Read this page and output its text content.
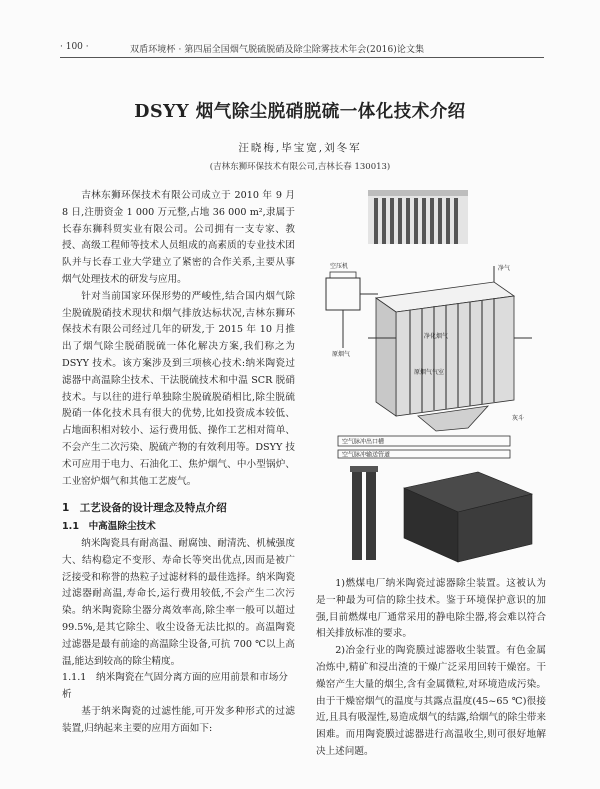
· 100 ·	双盾环境杯 · 第四届全国烟气脱硫脱硝及除尘除雾技术年会(2016)论文集
DSYY 烟气除尘脱硝脱硫一体化技术介绍
汪晓梅,毕宝宽,刘冬军
(吉林东狮环保技术有限公司,吉林长春 130013)

吉林东狮环保技术有限公司成立于 2010 年 9 月 8 日,注册资金 1 000 万元整,占地 36 000 m²,隶属于长春东狮科贸实业有限公司。公司拥有一支专家、教授、高级工程师等技术人员组成的高素质的专业技术团队并与长春工业大学建立了紧密的合作关系,主要从事烟气处理技术的研发与应用。

针对当前国家环保形势的严峻性,结合国内烟气除尘脱硫脱硝技术现状和烟气排放达标状况,吉林东狮环保技术有限公司经过几年的研发,于 2015 年 10 月推出了烟气除尘脱硝脱硫一体化解决方案,我们称之为 DSYY 技术。该方案涉及到三项核心技术:纳米陶瓷过滤器中高温除尘技术、干法脱硫技术和中温 SCR 脱硝技术。与以往的进行单独除尘脱硫脱硝相比,除尘脱硫脱硝一体化技术具有很大的优势,比如投资成本较低、占地面积相对较小、运行费用低、操作工艺相对简单、不会产生二次污染、脱硫产物的有效利用等。DSYY 技术可应用于电力、石油化工、焦炉烟气、中小型锅炉、工业窑炉烟气和其他工艺废气。

1　工艺设备的设计理念及特点介绍
1.1　中高温除尘技术

纳米陶瓷具有耐高温、耐腐蚀、耐清洗、机械强度大、结构稳定不变形、寿命长等突出优点,因而是被广泛接受和称誉的热粒子过滤材料的最佳选择。纳米陶瓷过滤器耐高温,寿命长,运行费用较低,不会产生二次污染。纳米陶瓷除尘器分离效率高,除尘率一般可以超过 99.5%,是其它除尘、收尘设备无法比拟的。高温陶瓷过滤器是最有前途的高温除尘设备,可抗 700 ℃以上高温,能达到较高的除尘精度。

1.1.1　纳米陶瓷在气固分离方面的应用前景和市场分析

基于纳米陶瓷的过滤性能,可开发多种形式的过滤装置,归纳起来主要的应用方面如下:

空压机	净气
原烟气
净化烟气
原烟气气室
灰斗
空气脉冲出口槽
空气脉冲输送管道

1)燃煤电厂纳米陶瓷过滤器除尘装置。这被认为是一种最为可信的除尘技术。鉴于环境保护意识的加强,目前燃煤电厂通常采用的静电除尘器,将会难以符合相关排放标准的要求。

2)冶金行业的陶瓷膜过滤器收尘装置。有色金属冶炼中,精矿和浸出渣的干燥广泛采用回转干燥窑。干燥窑产生大量的烟尘,含有金属微粒,对环境造成污染。由于干燥窑烟气的温度与其露点温度(45~65 ℃)很接近,且具有吸湿性,易造成烟气的结露,给烟气的除尘带来困难。而用陶瓷膜过滤器进行高温收尘,则可很好地解决上述问题。
